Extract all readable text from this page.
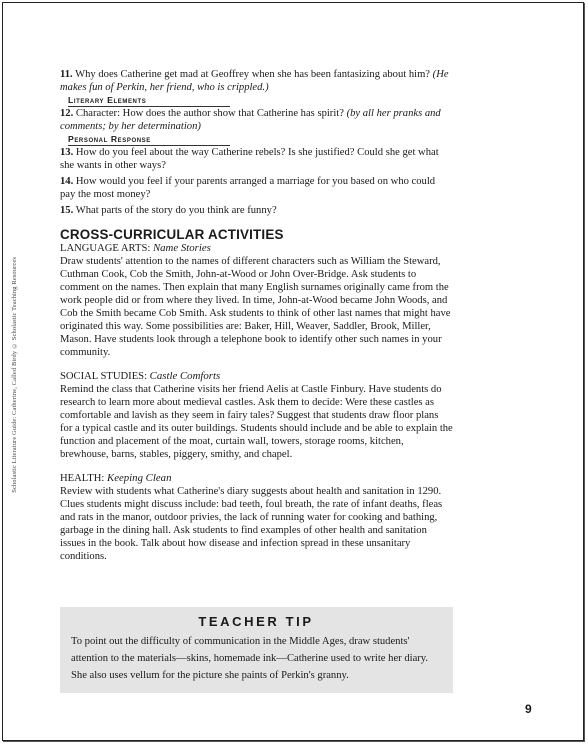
Scholastic Literature Guide: Catherine, Called Birdy © Scholastic Teaching Resources

11. Why does Catherine get mad at Geoffrey when she has been fantasizing about him? (He makes fun of Perkin, her friend, who is crippled.)

Literary Elements

12. Character: How does the author show that Catherine has spirit? (by all her pranks and comments; by her determination)

Personal Response

13. How do you feel about the way Catherine rebels? Is she justified? Could she get what she wants in other ways?

14. How would you feel if your parents arranged a marriage for you based on who could pay the most money?

15. What parts of the story do you think are funny?

CROSS-CURRICULAR ACTIVITIES

LANGUAGE ARTS: Name Stories

Draw students' attention to the names of different characters such as William the Steward, Cuthman Cook, Cob the Smith, John-at-Wood or John Over-Bridge. Ask students to comment on the names. Then explain that many English surnames originally came from the work people did or from where they lived. In time, John-at-Wood became John Woods, and Cob the Smith became Cob Smith. Ask students to think of other last names that might have originated this way. Some possibilities are: Baker, Hill, Weaver, Saddler, Brook, Miller, Mason. Have students look through a telephone book to identify other such names in your community.

SOCIAL STUDIES: Castle Comforts

Remind the class that Catherine visits her friend Aelis at Castle Finbury. Have students do research to learn more about medieval castles. Ask them to decide: Were these castles as comfortable and lavish as they seem in fairy tales? Suggest that students draw floor plans for a typical castle and its outer buildings. Students should include and be able to explain the function and placement of the moat, curtain wall, towers, storage rooms, kitchen, brewhouse, barns, stables, piggery, smithy, and chapel.

HEALTH: Keeping Clean

Review with students what Catherine's diary suggests about health and sanitation in 1290. Clues students might discuss include: bad teeth, foul breath, the rate of infant deaths, fleas and rats in the manor, outdoor privies, the lack of running water for cooking and bathing, garbage in the dining hall. Ask students to find examples of other health and sanitation issues in the book. Talk about how disease and infection spread in these unsanitary conditions.

TEACHER TIP

To point out the difficulty of communication in the Middle Ages, draw students' attention to the materials—skins, homemade ink—Catherine used to write her diary. She also uses vellum for the picture she paints of Perkin's granny.

9
